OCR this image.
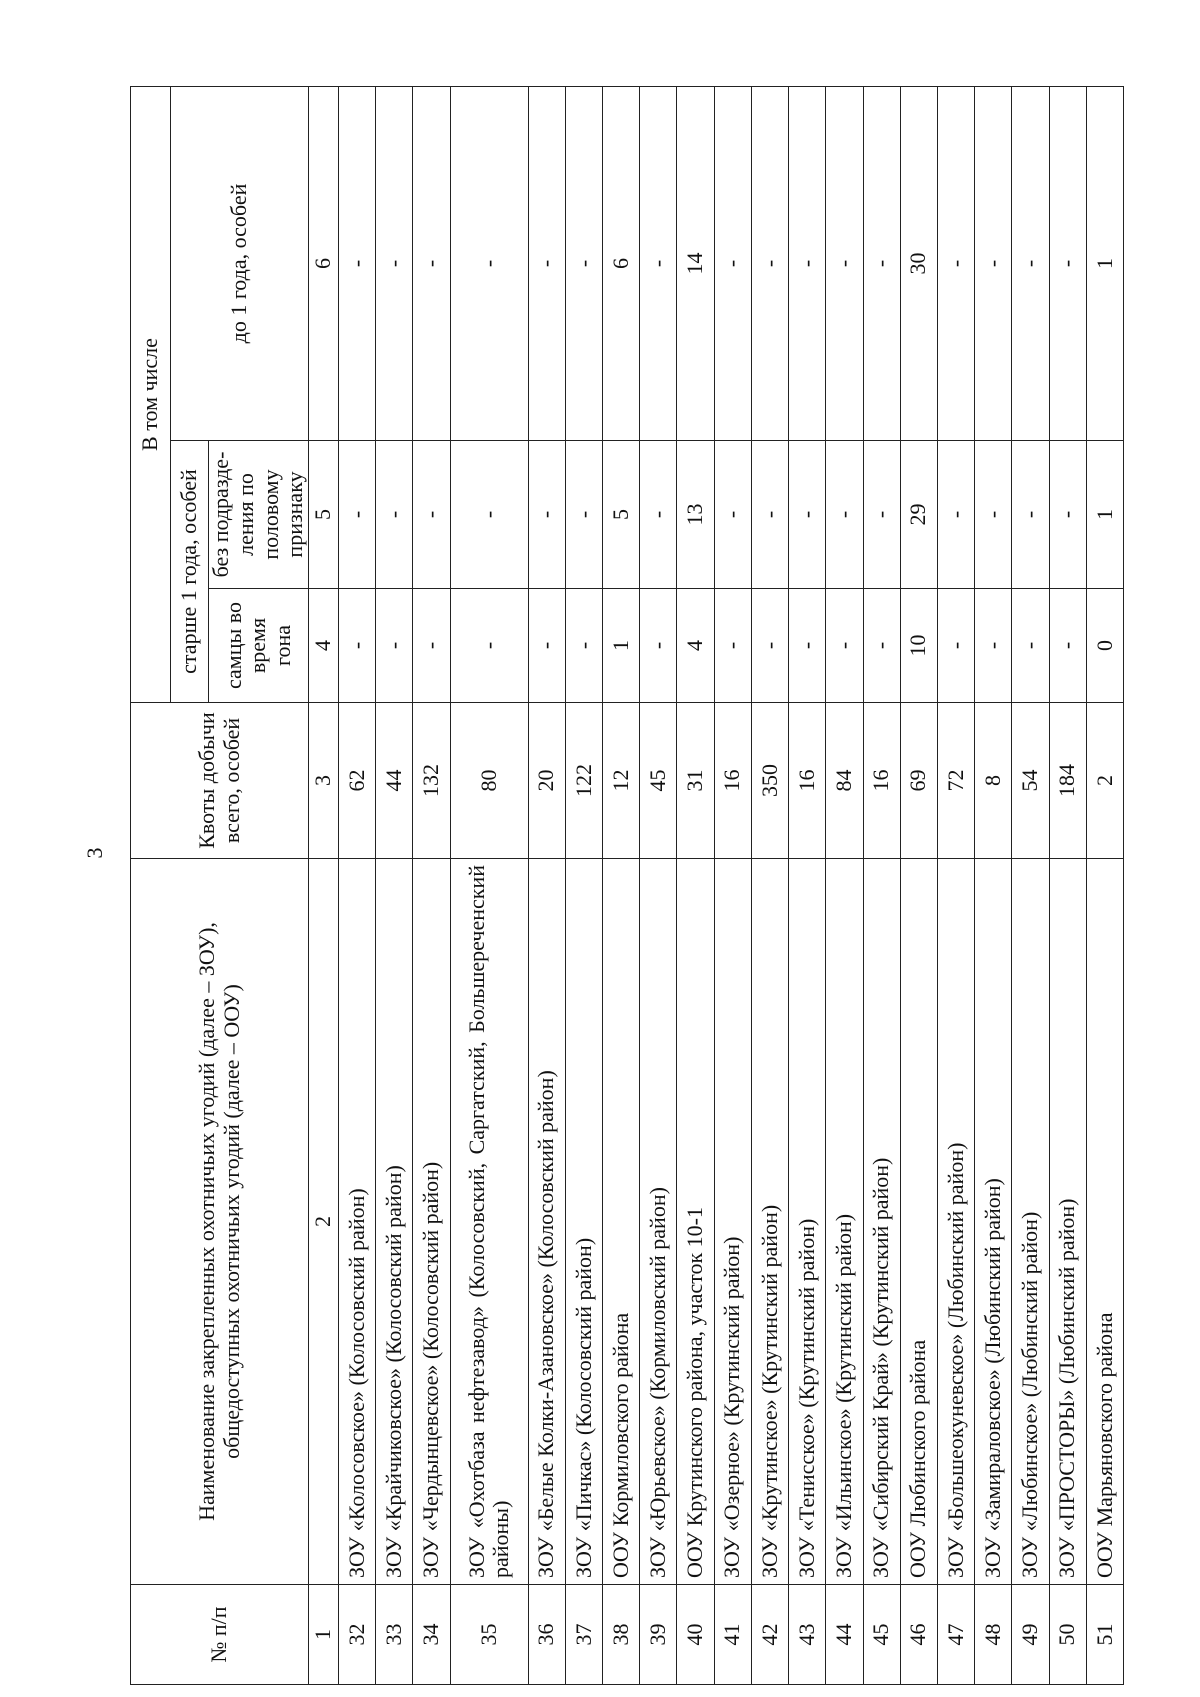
3
№ п/п	Наименование закрепленных охотничьих угодий (далее – ЗОУ), общедоступных охотничьих угодий (далее – ООУ)	Квоты добычи всего, особей	В том числе		
			старше 1 года, особей		до 1 года, особей
			самцы во время гона	без подразде- ления по половому признаку	
1	2	3	4	5	6
32	ЗОУ «Колосовское» (Колосовский район)	62	-	-	-
33	ЗОУ «Крайчиковское» (Колосовский район)	44	-	-	-
34	ЗОУ «Чердынцевское» (Колосовский район)	132	-	-	-
35	ЗОУ «Охотбаза нефтезавод» (Колосовский, Саргатский, Большереченский районы)	80	-	-	-
36	ЗОУ «Белые Колки-Азановское» (Колосовский район)	20	-	-	-
37	ЗОУ «Пичкас» (Колосовский район)	122	-	-	-
38	ООУ Кормиловского района	12	1	5	6
39	ЗОУ «Юрьевское» (Кормиловский район)	45	-	-	-
40	ООУ Крутинского района, участок 10-1	31	4	13	14
41	ЗОУ «Озерное» (Крутинский район)	16	-	-	-
42	ЗОУ «Крутинское» (Крутинский район)	350	-	-	-
43	ЗОУ «Тенисское» (Крутинский район)	16	-	-	-
44	ЗОУ «Ильинское» (Крутинский район)	84	-	-	-
45	ЗОУ «Сибирский Край» (Крутинский район)	16	-	-	-
46	ООУ Любинского района	69	10	29	30
47	ЗОУ «Большеокуневское» (Любинский район)	72	-	-	-
48	ЗОУ «Замираловское» (Любинский район)	8	-	-	-
49	ЗОУ «Любинское» (Любинский район)	54	-	-	-
50	ЗОУ «ПРОСТОРЫ» (Любинский район)	184	-	-	-
51	ООУ Марьяновского района	2	0	1	1
